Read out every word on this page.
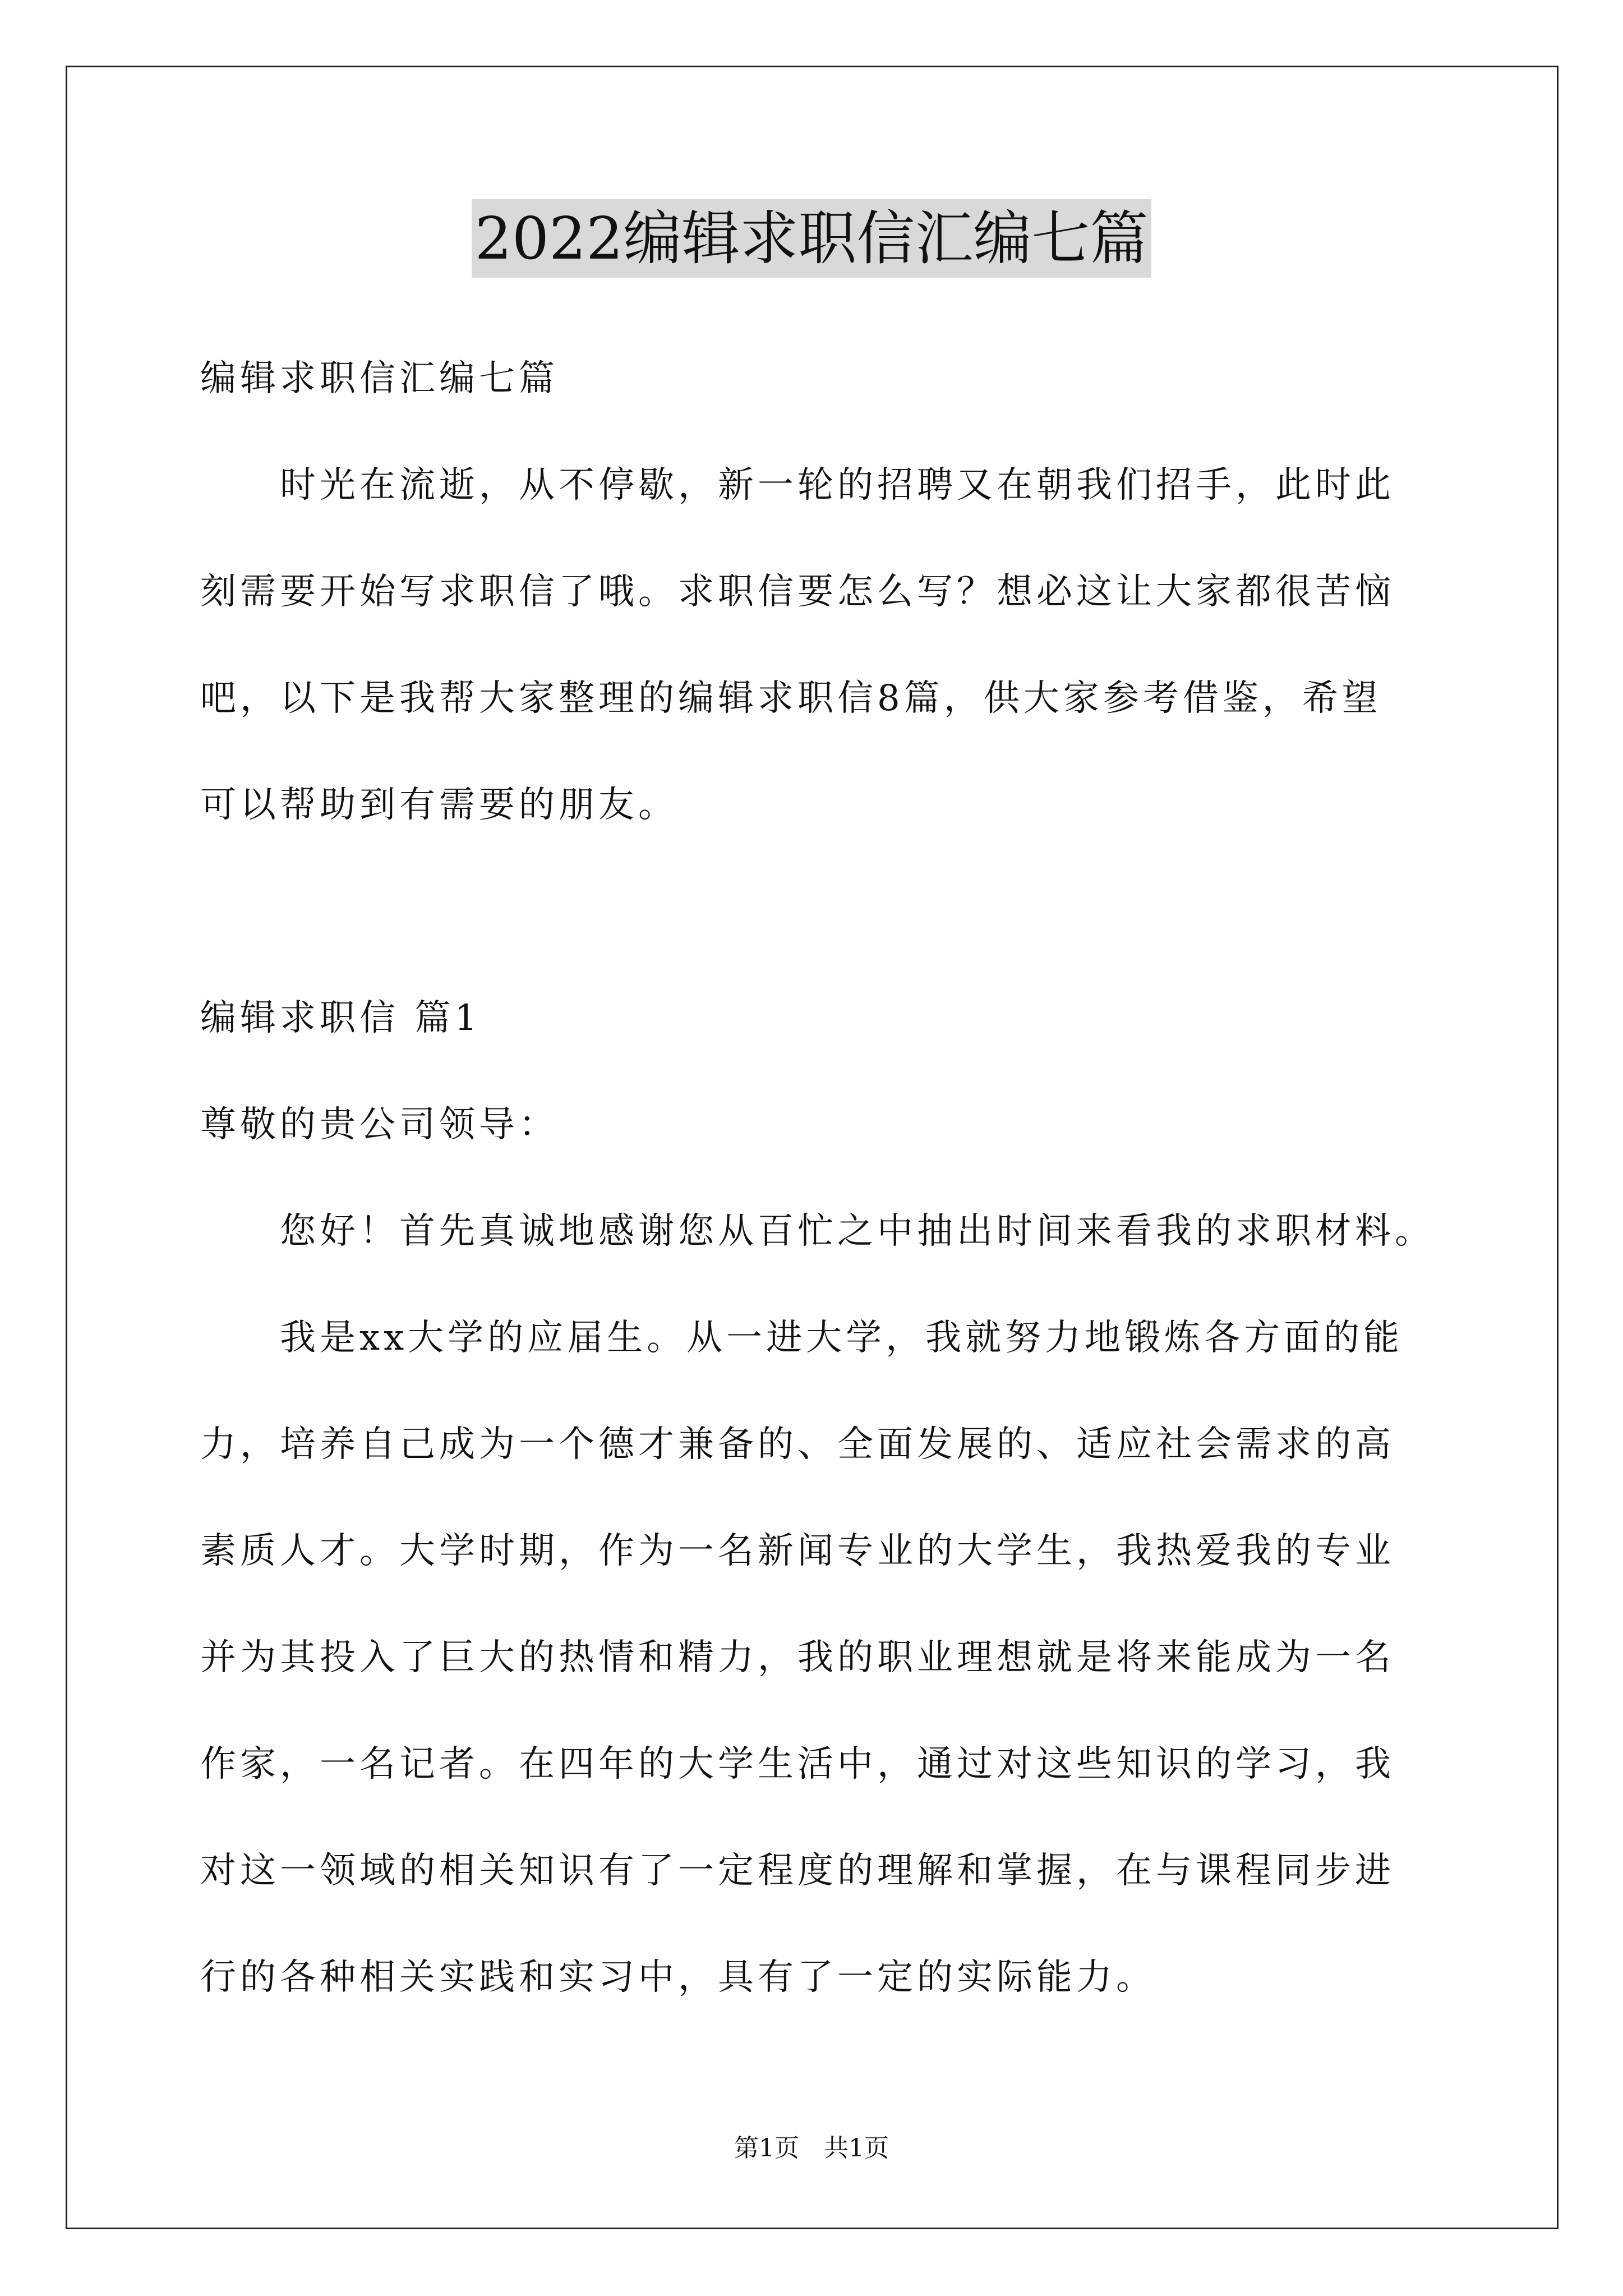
2022编辑求职信汇编七篇
编辑求职信汇编七篇
　　时光在流逝，从不停歇，新一轮的招聘又在朝我们招手，此时此
刻需要开始写求职信了哦。求职信要怎么写？想必这让大家都很苦恼
吧，以下是我帮大家整理的编辑求职信8篇，供大家参考借鉴，希望
可以帮助到有需要的朋友。
编辑求职信 篇1
尊敬的贵公司领导：
　　您好！首先真诚地感谢您从百忙之中抽出时间来看我的求职材料。
　　我是xx大学的应届生。从一进大学，我就努力地锻炼各方面的能
力，培养自己成为一个德才兼备的、全面发展的、适应社会需求的高
素质人才。大学时期，作为一名新闻专业的大学生，我热爱我的专业
并为其投入了巨大的热情和精力，我的职业理想就是将来能成为一名
作家，一名记者。在四年的大学生活中，通过对这些知识的学习，我
对这一领域的相关知识有了一定程度的理解和掌握，在与课程同步进
行的各种相关实践和实习中，具有了一定的实际能力。
第1页　共1页
